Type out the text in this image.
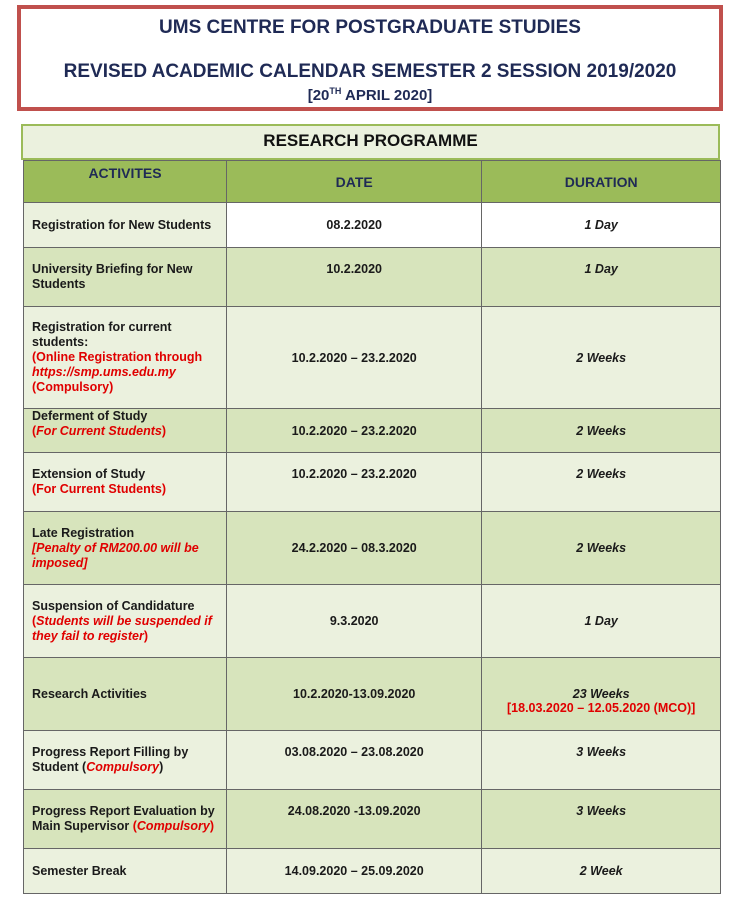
UMS CENTRE FOR POSTGRADUATE STUDIES
REVISED ACADEMIC CALENDAR SEMESTER 2 SESSION 2019/2020
[20TH APRIL 2020]
RESEARCH PROGRAMME
ACTIVITES	DATE	DURATION
Registration for New Students	08.2.2020	1 Day
University Briefing for New Students	10.2.2020	1 Day

Registration for current students:
(Online Registration through
https://smp.ums.edu.my
(Compulsory)	10.2.2020 – 23.2.2020	2 Weeks

Deferment of Study
(For Current Students)	10.2.2020 – 23.2.2020	2 Weeks

Extension of Study
(For Current Students)	10.2.2020 – 23.2.2020	2 Weeks

Late Registration
[Penalty of RM200.00 will be imposed]	24.2.2020 – 08.3.2020	2 Weeks

Suspension of Candidature
(Students will be suspended if they fail to register)	9.3.2020	1 Day
Research Activities	10.2.2020-13.09.2020	23 Weeks
[18.03.2020 – 12.05.2020 (MCO)]

Progress Report Filling by Student (Compulsory)	03.08.2020 – 23.08.2020	3 Weeks
Progress Report Evaluation by Main Supervisor (Compulsory)	24.08.2020 -13.09.2020	3 Weeks
Semester Break	14.09.2020 – 25.09.2020	2 Week
